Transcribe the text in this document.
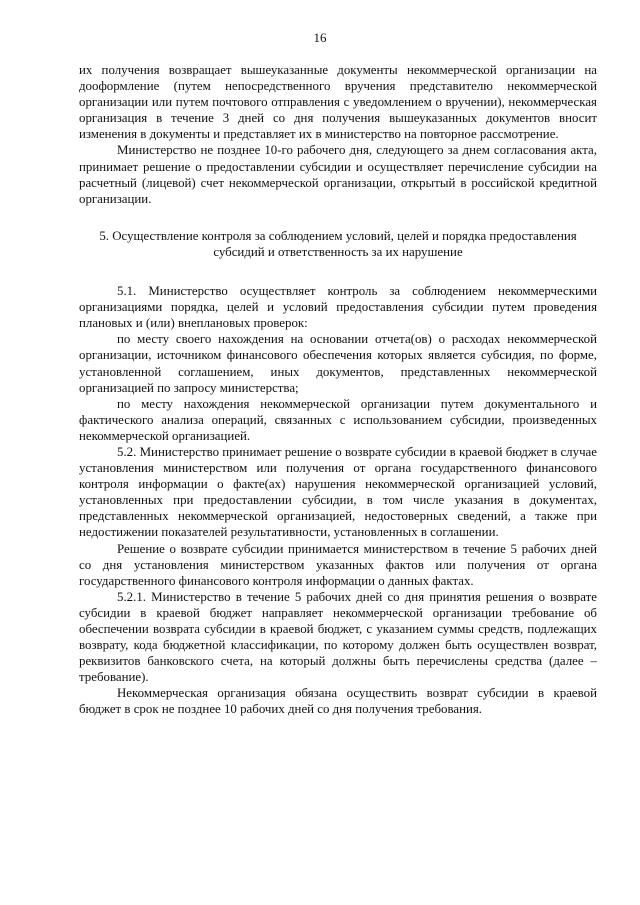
16

их получения возвращает вышеуказанные документы некоммерческой организации на дооформление (путем непосредственного вручения представителю некоммерческой организации или путем почтового отправления с уведомлением о вручении), некоммерческая организация в течение 3 дней со дня получения вышеуказанных документов вносит изменения в документы и представляет их в министерство на повторное рассмотрение.

Министерство не позднее 10-го рабочего дня, следующего за днем согласования акта, принимает решение о предоставлении субсидии и осуществляет перечисление субсидии на расчетный (лицевой) счет некоммерческой организации, открытый в российской кредитной организации.

5. Осуществление контроля за соблюдением условий, целей и порядка предоставления субсидий и ответственность за их нарушение

5.1. Министерство осуществляет контроль за соблюдением некоммерческими организациями порядка, целей и условий предоставления субсидии путем проведения плановых и (или) внеплановых проверок:

по месту своего нахождения на основании отчета(ов) о расходах некоммерческой организации, источником финансового обеспечения которых является субсидия, по форме, установленной соглашением, иных документов, представленных некоммерческой организацией по запросу министерства;

по месту нахождения некоммерческой организации путем документального и фактического анализа операций, связанных с использованием субсидии, произведенных некоммерческой организацией.

5.2. Министерство принимает решение о возврате субсидии в краевой бюджет в случае установления министерством или получения от органа государственного финансового контроля информации о факте(ах) нарушения некоммерческой организацией условий, установленных при предоставлении субсидии, в том числе указания в документах, представленных некоммерческой организацией, недостоверных сведений, а также при недостижении показателей результативности, установленных в соглашении.

Решение о возврате субсидии принимается министерством в течение 5 рабочих дней со дня установления министерством указанных фактов или получения от органа государственного финансового контроля информации о данных фактах.

5.2.1. Министерство в течение 5 рабочих дней со дня принятия решения о возврате субсидии в краевой бюджет направляет некоммерческой организации требование об обеспечении возврата субсидии в краевой бюджет, с указанием суммы средств, подлежащих возврату, кода бюджетной классификации, по которому должен быть осуществлен возврат, реквизитов банковского счета, на который должны быть перечислены средства (далее – требование).

Некоммерческая организация обязана осуществить возврат субсидии в краевой бюджет в срок не позднее 10 рабочих дней со дня получения требования.
